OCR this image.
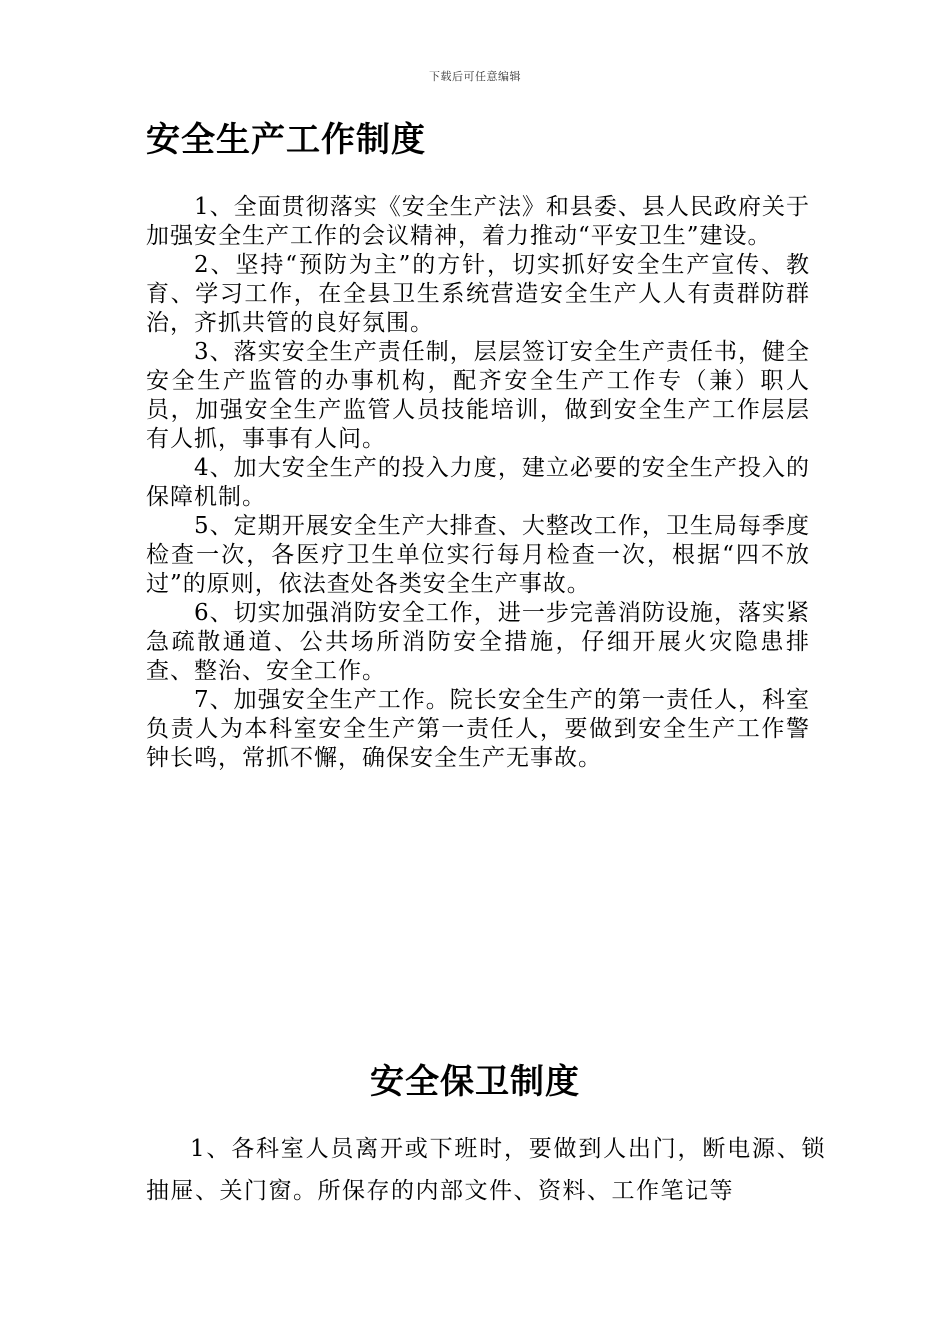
下载后可任意编辑
安全生产工作制度

1、全面贯彻落实《安全生产法》和县委、县人民政府关于加强安全生产工作的会议精神，着力推动“平安卫生”建设。

2、坚持“预防为主”的方针，切实抓好安全生产宣传、教育、学习工作，在全县卫生系统营造安全生产人人有责群防群治，齐抓共管的良好氛围。

3、落实安全生产责任制，层层签订安全生产责任书，健全安全生产监管的办事机构，配齐安全生产工作专（兼）职人员，加强安全生产监管人员技能培训，做到安全生产工作层层有人抓，事事有人问。

4、加大安全生产的投入力度，建立必要的安全生产投入的保障机制。

5、定期开展安全生产大排查、大整改工作，卫生局每季度检查一次，各医疗卫生单位实行每月检查一次，根据“四不放过”的原则，依法查处各类安全生产事故。

6、切实加强消防安全工作，进一步完善消防设施，落实紧急疏散通道、公共场所消防安全措施，仔细开展火灾隐患排查、整治、安全工作。

7、加强安全生产工作。院长安全生产的第一责任人，科室负责人为本科室安全生产第一责任人，要做到安全生产工作警钟长鸣，常抓不懈，确保安全生产无事故。

安全保卫制度

1、各科室人员离开或下班时，要做到人出门，断电源、锁抽屉、关门窗。所保存的内部文件、资料、工作笔记等
